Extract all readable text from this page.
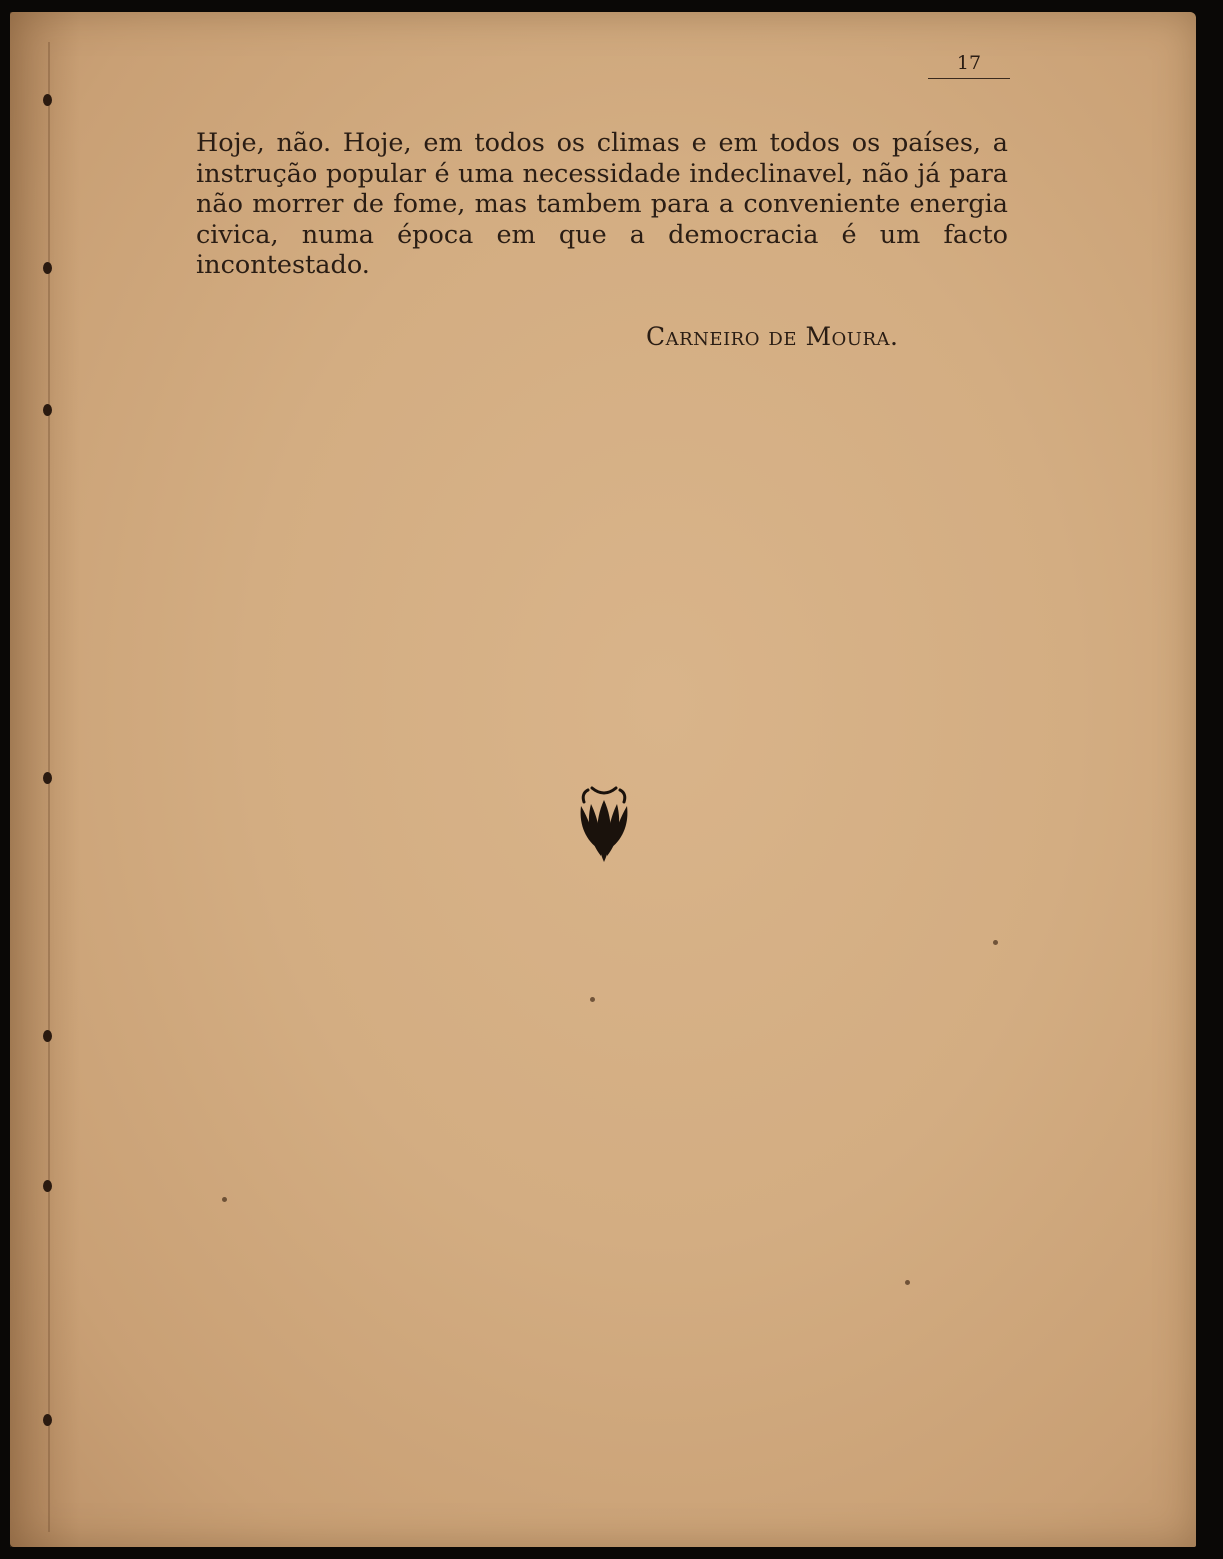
17

Hoje, não. Hoje, em todos os climas e em todos os países, a instrução popular é uma necessidade indeclinavel, não já para não morrer de fome, mas tambem para a conveniente energia civica, numa época em que a democracia é um facto incontestado.

Carneiro de Moura.
